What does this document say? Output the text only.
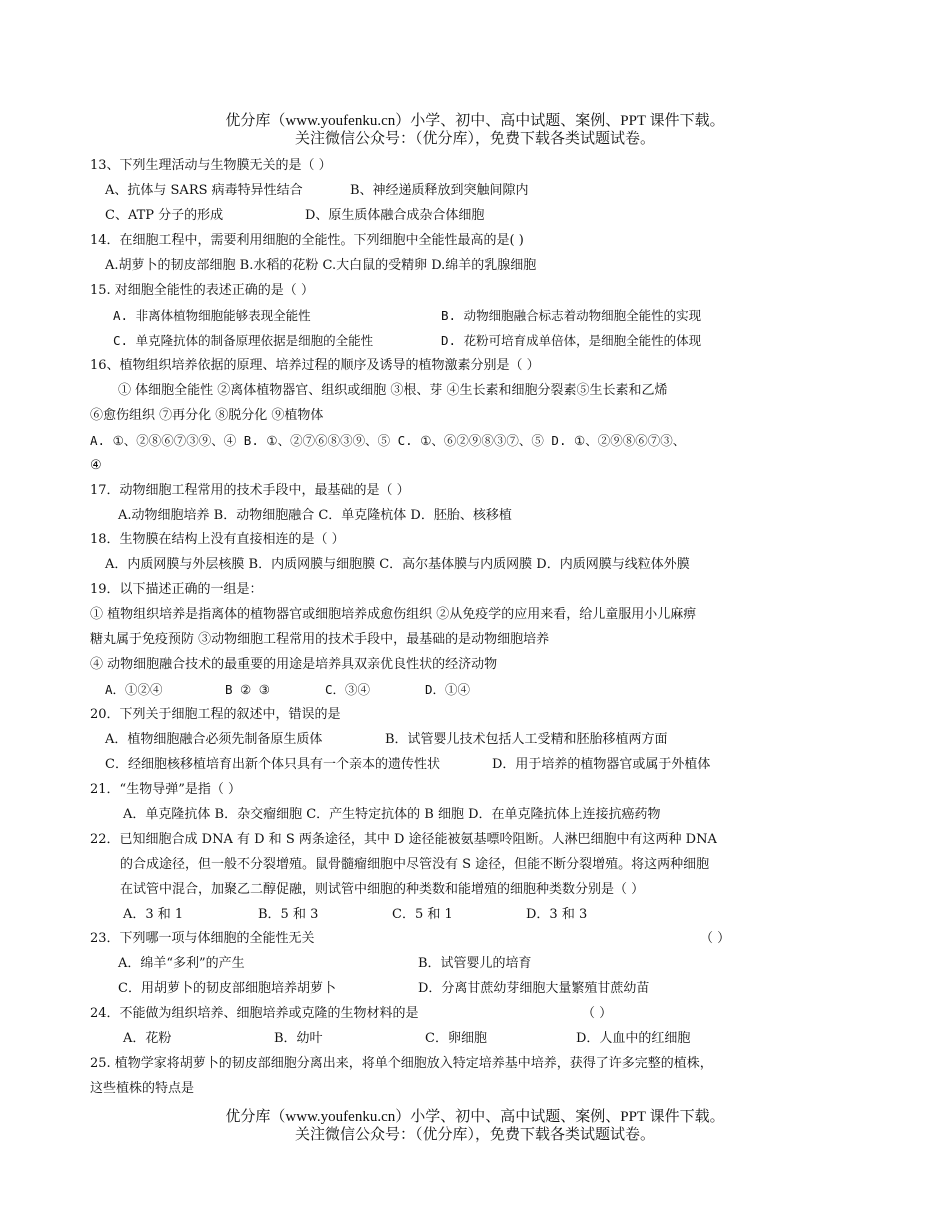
优分库（www.youfenku.cn）小学、初中、高中试题、案例、PPT 课件下载。
关注微信公众号：（优分库），免费下载各类试题试卷。
13、下列生理活动与生物膜无关的是（ ）
A、抗体与 SARS 病毒特异性结合	B、神经递质释放到突触间隙内
C、ATP 分子的形成	D、原生质体融合成杂合体细胞
14．在细胞工程中，需要利用细胞的全能性。下列细胞中全能性最高的是( )
A.胡萝卜的韧皮部细胞 B.水稻的花粉 C.大白鼠的受精卵 D.绵羊的乳腺细胞
15. 对细胞全能性的表述正确的是（ ）
A. 非离体植物细胞能够表现全能性	B. 动物细胞融合标志着动物细胞全能性的实现
C. 单克隆抗体的制备原理依据是细胞的全能性	D. 花粉可培育成单倍体，是细胞全能性的体现
16、植物组织培养依据的原理、培养过程的顺序及诱导的植物激素分别是（ ）
① 体细胞全能性 ②离体植物器官、组织或细胞 ③根、芽 ④生长素和细胞分裂素⑤生长素和乙烯
⑥愈伤组织 ⑦再分化 ⑧脱分化 ⑨植物体
A. ①、②⑧⑥⑦③⑨、④ B. ①、②⑦⑥⑧③⑨、⑤ C. ①、⑥②⑨⑧③⑦、⑤ D. ①、②⑨⑧⑥⑦③、
④
17．动物细胞工程常用的技术手段中，最基础的是（ ）
A.动物细胞培养 B．动物细胞融合 C．单克隆杭体 D．胚胎、核移植
18．生物膜在结构上没有直接相连的是（ ）
A．内质网膜与外层核膜 B．内质网膜与细胞膜 C．高尔基体膜与内质网膜 D．内质网膜与线粒体外膜
19．以下描述正确的一组是：
① 植物组织培养是指离体的植物器官或细胞培养成愈伤组织 ②从免疫学的应用来看，给儿童服用小儿麻痹
糖丸属于免疫预防 ③动物细胞工程常用的技术手段中，最基础的是动物细胞培养
④ 动物细胞融合技术的最重要的用途是培养具双亲优良性状的经济动物
A．①②④	B ② ③	C．③④	D．①④
20．下列关于细胞工程的叙述中，错误的是
A．植物细胞融合必须先制备原生质体	B．试管婴儿技术包括人工受精和胚胎移植两方面
C．经细胞核移植培育出新个体只具有一个亲本的遗传性状	D．用于培养的植物器官或属于外植体
21．“生物导弹”是指（ ）
A．单克隆抗体 B．杂交瘤细胞 C．产生特定抗体的 B 细胞 D．在单克隆抗体上连接抗癌药物
22．已知细胞合成 DNA 有 D 和 S 两条途径，其中 D 途径能被氨基嘌呤阻断。人淋巴细胞中有这两种 DNA
的合成途径，但一般不分裂增殖。鼠骨髓瘤细胞中尽管没有 S 途径，但能不断分裂增殖。将这两种细胞
在试管中混合，加聚乙二醇促融，则试管中细胞的种类数和能增殖的细胞种类数分别是（ ）
A．3 和 1	B．5 和 3	C．5 和 1	D．3 和 3
23．下列哪一项与体细胞的全能性无关	（ ）
A．绵羊“多利”的产生	B．试管婴儿的培育
C．用胡萝卜的韧皮部细胞培养胡萝卜	D．分离甘蔗幼芽细胞大量繁殖甘蔗幼苗
24．不能做为组织培养、细胞培养或克隆的生物材料的是	（ ）
A．花粉	B．幼叶	C．卵细胞	D．人血中的红细胞
25. 植物学家将胡萝卜的韧皮部细胞分离出来，将单个细胞放入特定培养基中培养，获得了许多完整的植株，
这些植株的特点是
优分库（www.youfenku.cn）小学、初中、高中试题、案例、PPT 课件下载。
关注微信公众号：（优分库），免费下载各类试题试卷。
